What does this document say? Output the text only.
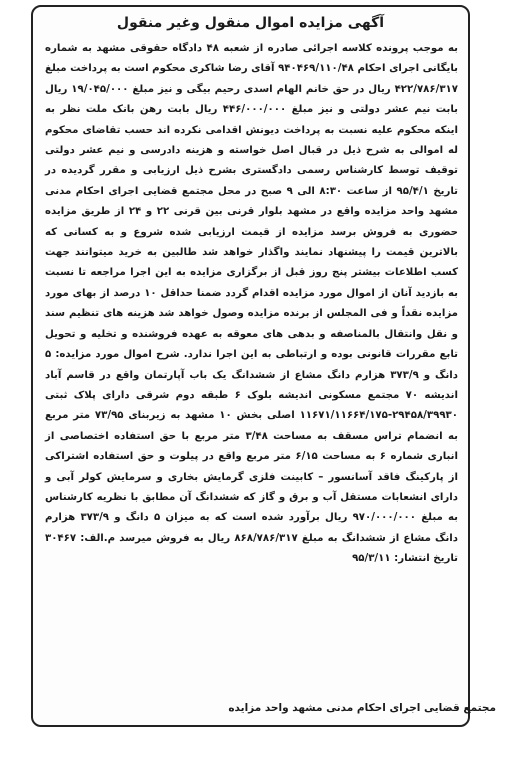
آگهی مزایده اموال منقول وغیر منقول

به موجب پرونده کلاسه اجرائی صادره از شعبه ۴۸ دادگاه حقوقی مشهد به شماره بایگانی اجرای احکام ۹۴۰۴۶۹/۱۱۰/۴۸ آقای رضا شاکری محکوم است به پرداخت مبلغ ۴۲۲/۷۸۶/۳۱۷ ریال در حق خانم الهام اسدی رحیم بیگی و نیز مبلغ ۱۹/۰۴۵/۰۰۰ ریال بابت نیم عشر دولتی و نیز مبلغ ۴۴۶/۰۰۰/۰۰۰ ریال بابت رهن بانک ملت نظر به اینکه محکوم علیه نسبت به پرداخت دیونش اقدامی نکرده اند حسب تقاضای محکوم له اموالی به شرح ذیل در قبال اصل خواسته و هزینه دادرسی و نیم عشر دولتی توقیف توسط کارشناس رسمی دادگستری بشرح ذیل ارزیابی و مقرر گردیده در تاریخ ۹۵/۴/۱ از ساعت ۸:۳۰ الی ۹ صبح در محل مجتمع قضایی اجرای احکام مدنی مشهد واحد مزایده واقع در مشهد بلوار قرنی بین قرنی ۲۲ و ۲۴ از طریق مزایده حضوری به فروش برسد مزایده از قیمت ارزیابی شده شروع و به کسانی که بالاترین قیمت را پیشنهاد نمایند واگذار خواهد شد طالبین به خرید میتوانند جهت کسب اطلاعات بیشتر پنج روز قبل از برگزاری مزایده به این اجرا مراجعه تا نسبت به بازدید آنان از اموال مورد مزایده اقدام گردد ضمنا حداقل ۱۰ درصد از بهای مورد مزایده نقداً و فی المجلس از برنده مزایده وصول خواهد شد هزینه های تنظیم سند و نقل وانتقال بالمناصفه و بدهی های معوقه به عهده فروشنده و تخلیه و تحویل تابع مقررات قانونی بوده و ارتباطی به این اجرا ندارد. شرح اموال مورد مزایده: ۵ دانگ و ۳۷۳/۹ هزارم دانگ مشاع از ششدانگ یک باب آپارتمان واقع در قاسم آباد اندیشه ۷۰ مجتمع مسکونی اندیشه بلوک ۶ طبقه دوم شرقی دارای پلاک ثبتی ۲۹۴۵۸/۳۹۹۳۰-۱۱۶۷۱/۱۱۶۶۴/۱۷۵ اصلی بخش ۱۰ مشهد به زیربنای ۷۳/۹۵ متر مربع به انضمام تراس مسقف به مساحت ۳/۴۸ متر مربع با حق استفاده اختصاصی از انباری شماره ۶ به مساحت ۶/۱۵ متر مربع واقع در پیلوت و حق استفاده اشتراکی از پارکینگ فاقد آسانسور – کابینت فلزی گرمایش بخاری و سرمایش کولر آبی و دارای انشعابات مستقل آب و برق و گاز که ششدانگ آن مطابق با نظریه کارشناس به مبلغ ۹۷۰/۰۰۰/۰۰۰ ریال برآورد شده است که به میزان ۵ دانگ و ۳۷۳/۹ هزارم دانگ مشاع از ششدانگ به مبلغ ۸۶۸/۷۸۶/۳۱۷ ریال به فروش میرسد م.الف: ۳۰۴۶۷ تاریخ انتشار: ۹۵/۳/۱۱

مجتمع قضایی اجرای احکام مدنی مشهد واحد مزایده
